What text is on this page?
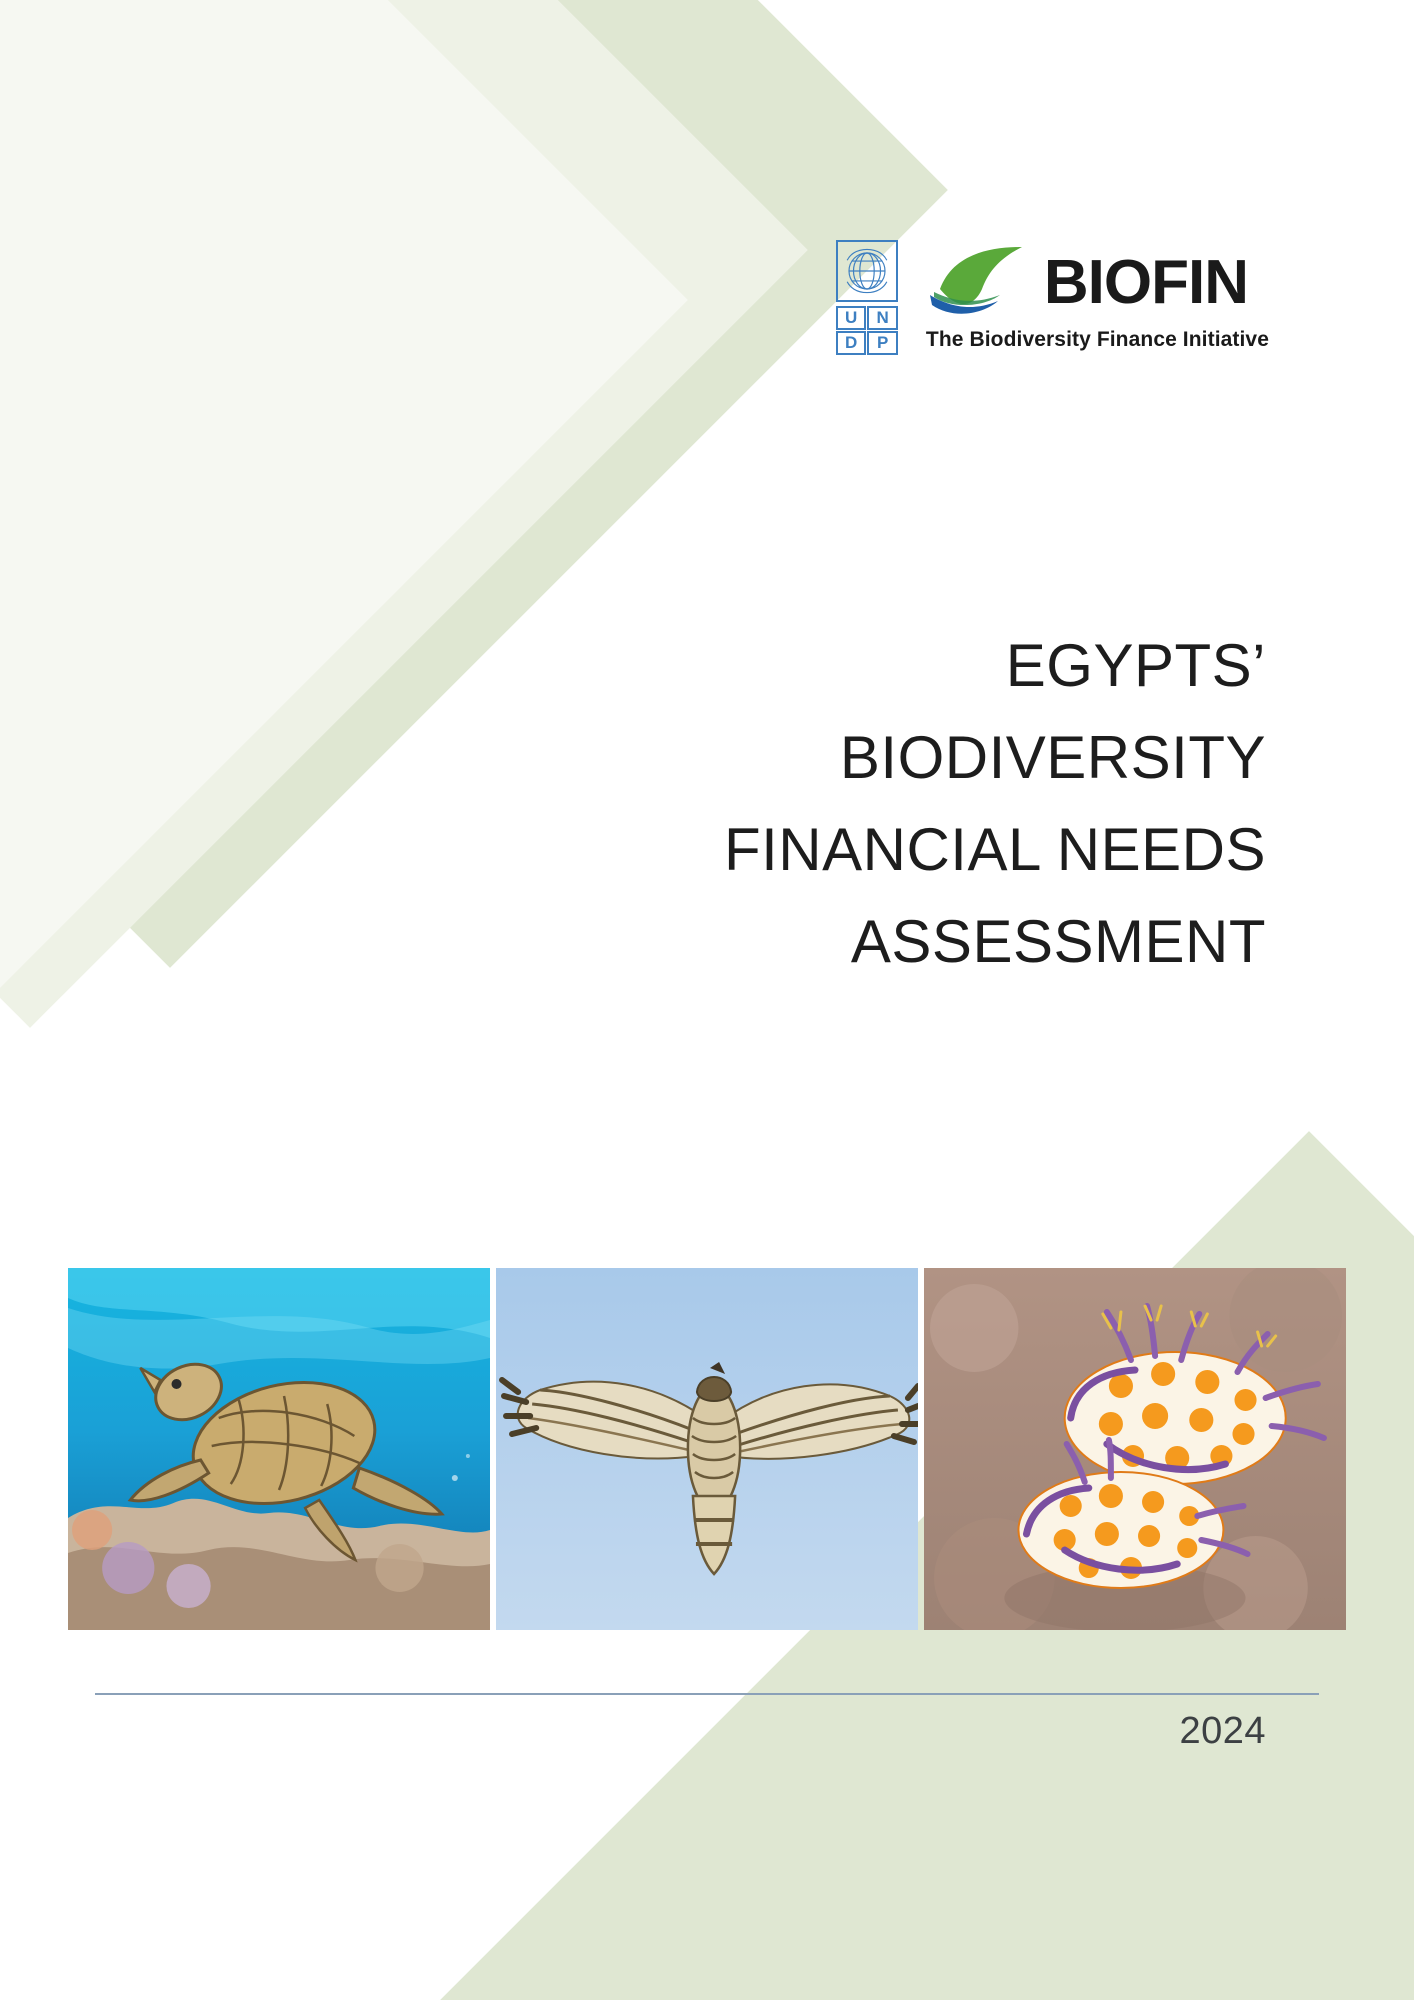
U	N
D	P
BIOFIN
The Biodiversity Finance Initiative
EGYPTS’
BIODIVERSITY
FINANCIAL NEEDS
ASSESSMENT
2024
